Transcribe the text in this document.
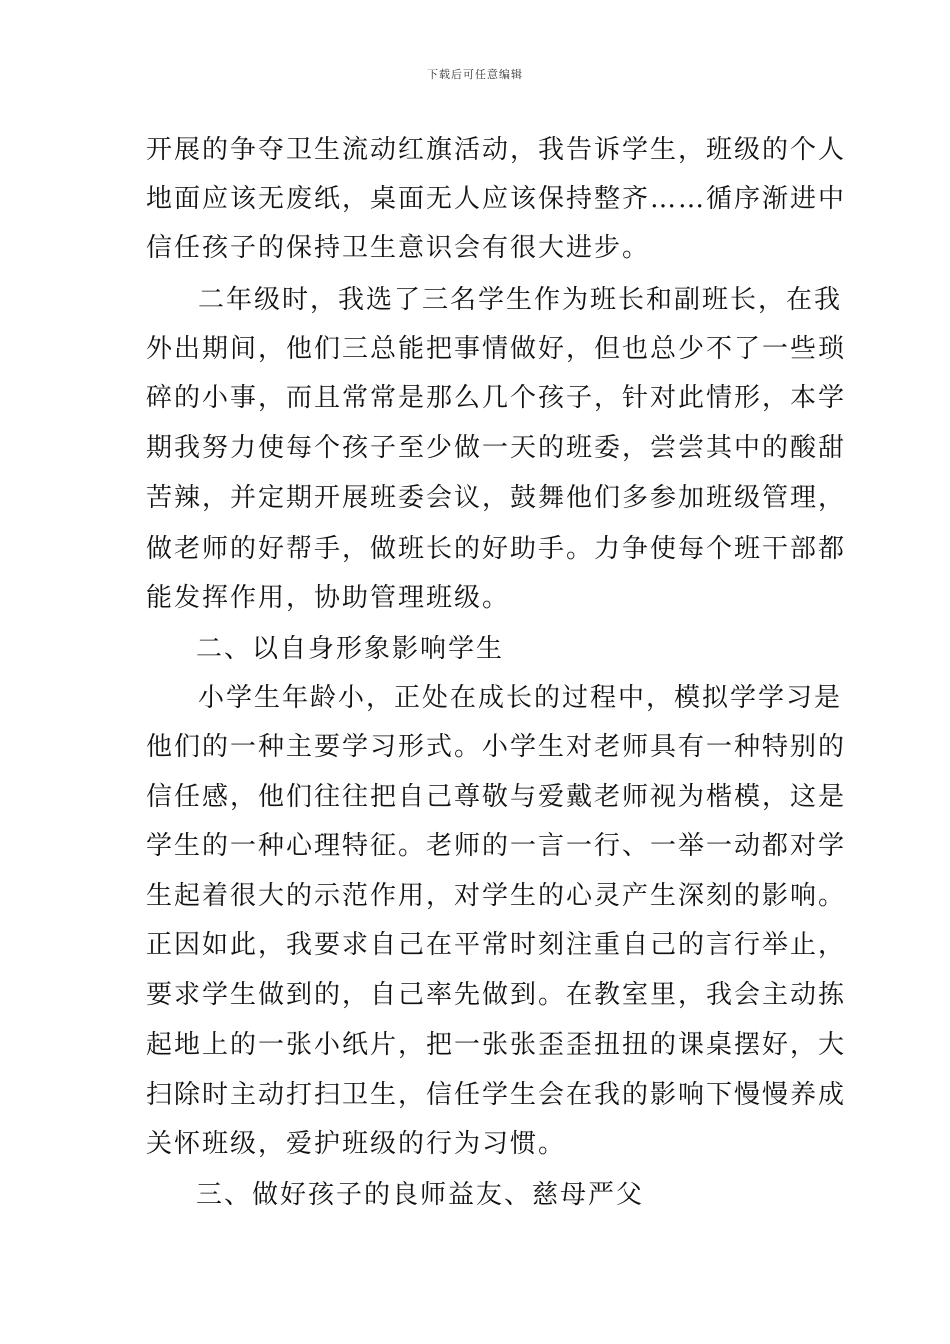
下载后可任意编辑
开展的争夺卫生流动红旗活动，我告诉学生，班级的个人
地面应该无废纸，桌面无人应该保持整齐……循序渐进中
信任孩子的保持卫生意识会有很大进步。
二年级时，我选了三名学生作为班长和副班长，在我
外出期间，他们三总能把事情做好，但也总少不了一些琐
碎的小事，而且常常是那么几个孩子，针对此情形，本学
期我努力使每个孩子至少做一天的班委，尝尝其中的酸甜
苦辣，并定期开展班委会议，鼓舞他们多参加班级管理，
做老师的好帮手，做班长的好助手。力争使每个班干部都
能发挥作用，协助管理班级。
二、以自身形象影响学生
小学生年龄小，正处在成长的过程中，模拟学学习是
他们的一种主要学习形式。小学生对老师具有一种特别的
信任感，他们往往把自己尊敬与爱戴老师视为楷模，这是
学生的一种心理特征。老师的一言一行、一举一动都对学
生起着很大的示范作用，对学生的心灵产生深刻的影响。
正因如此，我要求自己在平常时刻注重自己的言行举止，
要求学生做到的，自己率先做到。在教室里，我会主动拣
起地上的一张小纸片，把一张张歪歪扭扭的课桌摆好，大
扫除时主动打扫卫生，信任学生会在我的影响下慢慢养成
关怀班级，爱护班级的行为习惯。
三、做好孩子的良师益友、慈母严父
